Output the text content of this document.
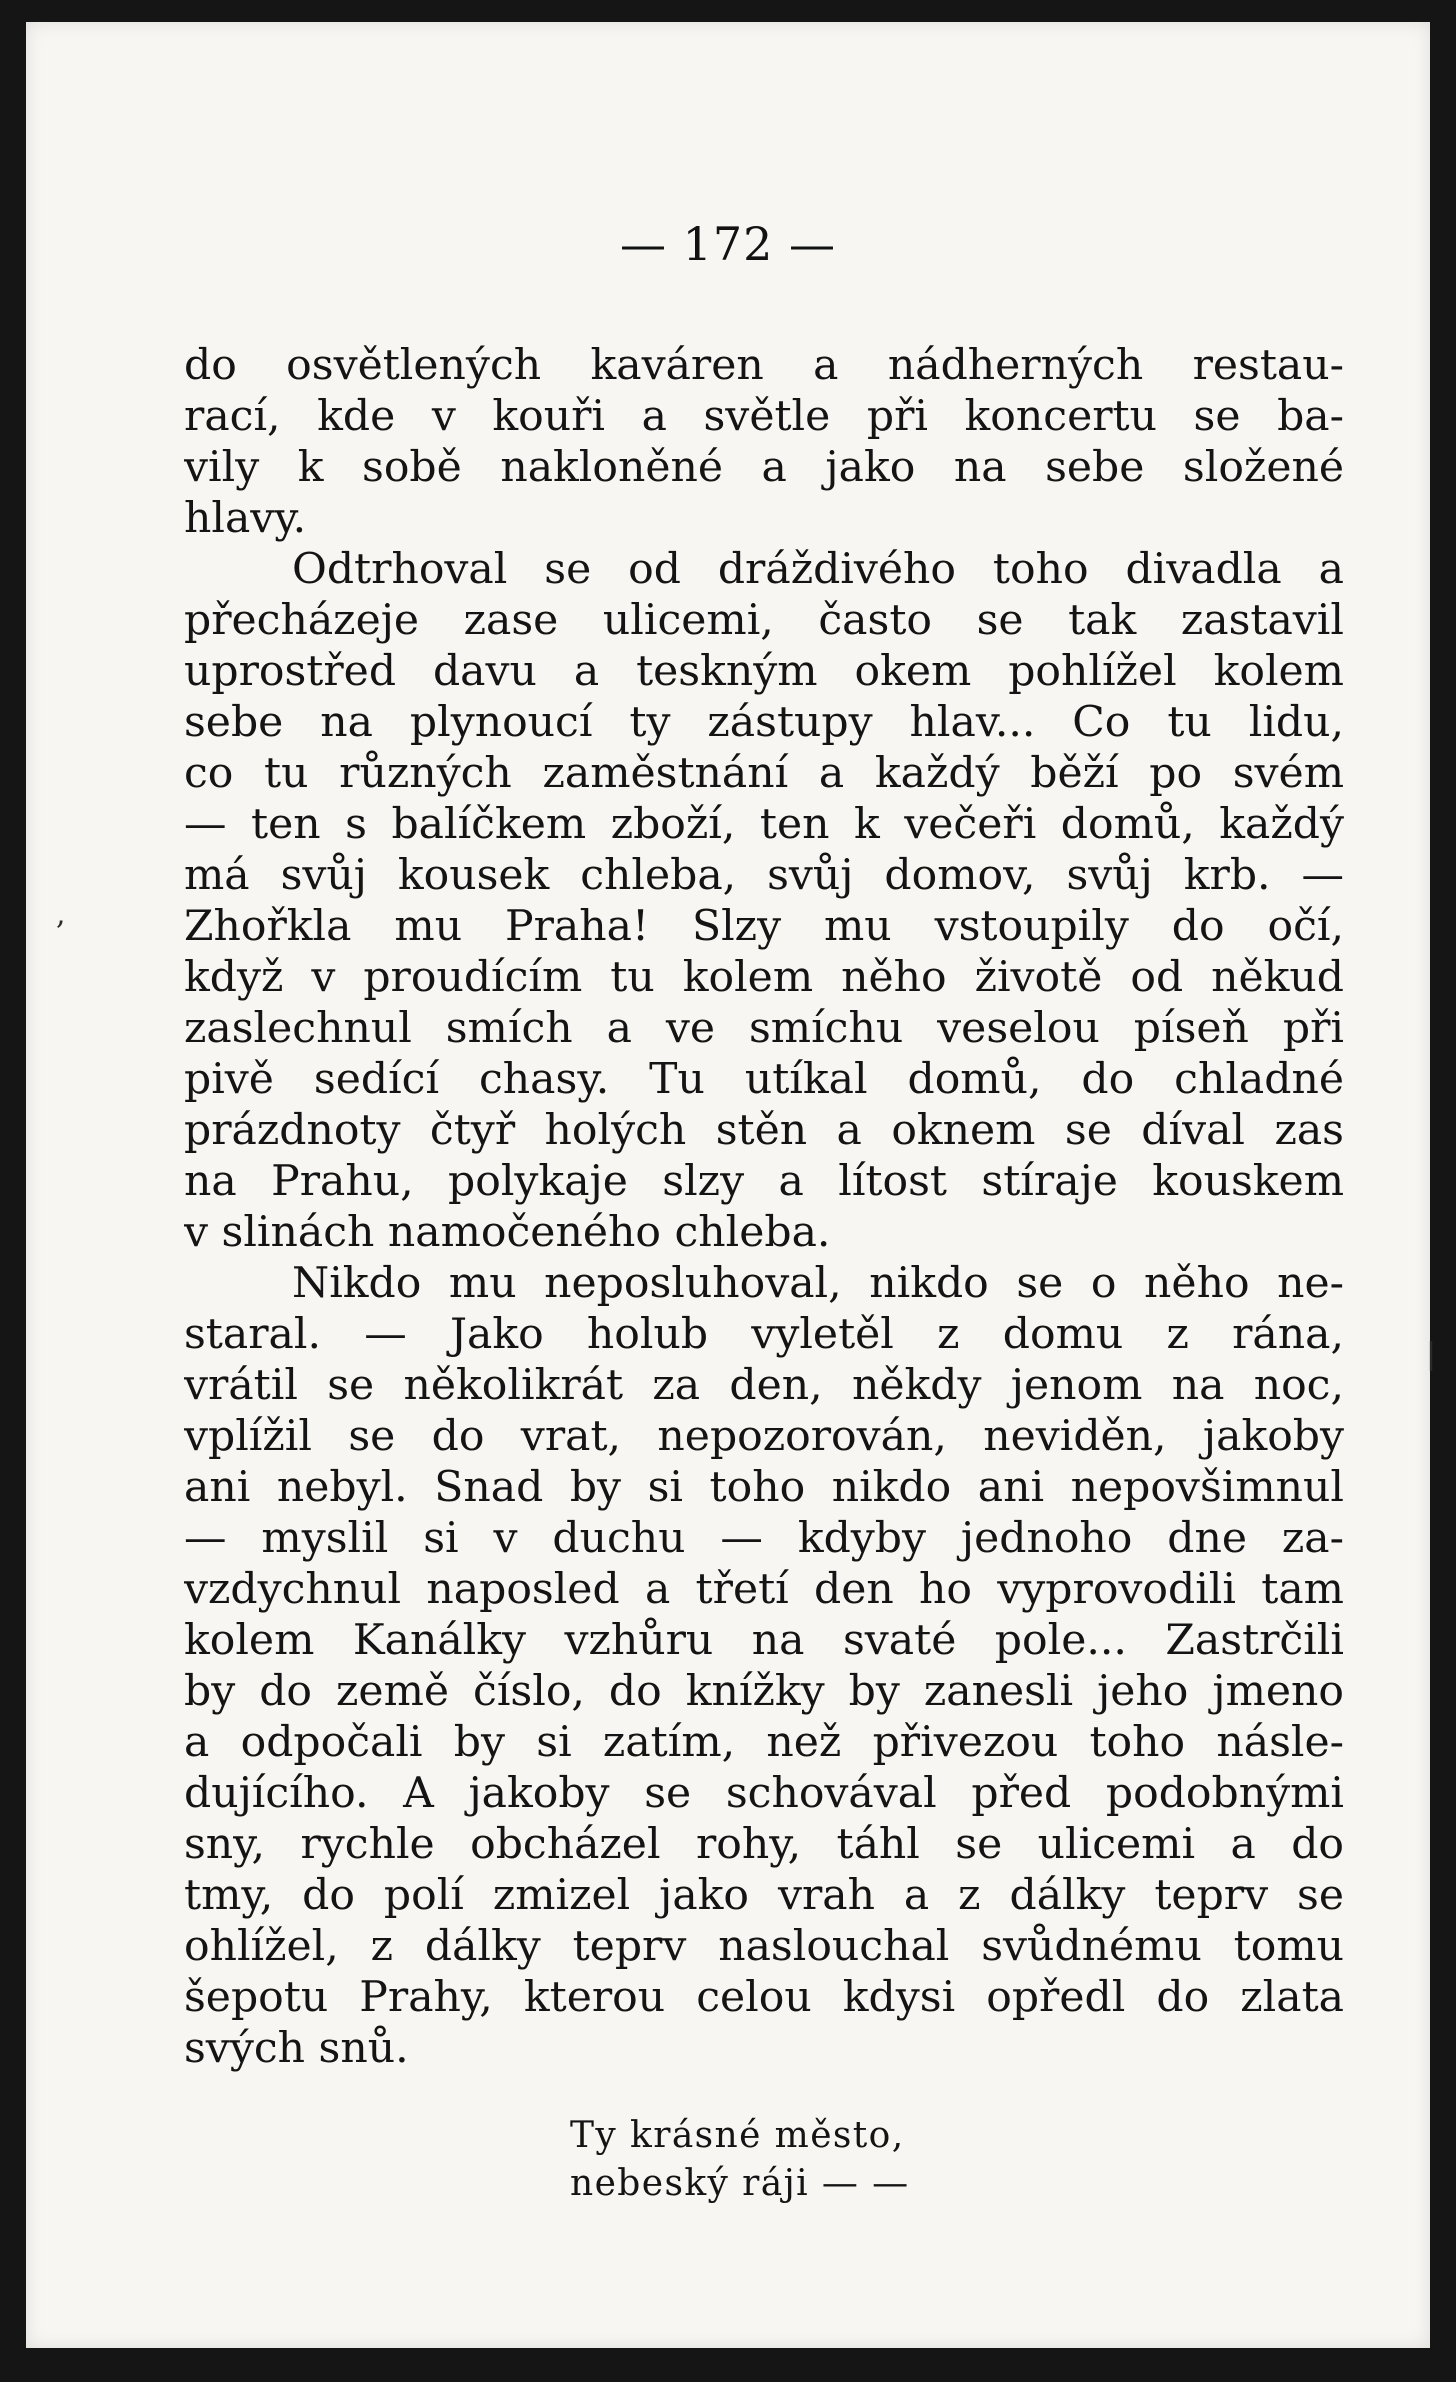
— 172 —
do osvětlených kaváren a nádherných restau-
rací, kde v kouři a světle při koncertu se ba-
vily k sobě nakloněné a jako na sebe složené
hlavy.
Odtrhoval se od dráždivého toho divadla a
přecházeje zase ulicemi, často se tak zastavil
uprostřed davu a teskným okem pohlížel kolem
sebe na plynoucí ty zástupy hlav... Co tu lidu,
co tu různých zaměstnání a každý běží po svém
— ten s balíčkem zboží, ten k večeři domů, každý
má svůj kousek chleba, svůj domov, svůj krb. —
Zhořkla mu Praha! Slzy mu vstoupily do očí,
když v proudícím tu kolem něho životě od někud
zaslechnul smích a ve smíchu veselou píseň při
pivě sedící chasy. Tu utíkal domů, do chladné
prázdnoty čtyř holých stěn a oknem se díval zas
na Prahu, polykaje slzy a lítost stíraje kouskem
v slinách namočeného chleba.
Nikdo mu neposluhoval, nikdo se o něho ne-
staral. — Jako holub vyletěl z domu z rána,
vrátil se několikrát za den, někdy jenom na noc,
vplížil se do vrat, nepozorován, neviděn, jakoby
ani nebyl. Snad by si toho nikdo ani nepovšimnul
— myslil si v duchu — kdyby jednoho dne za-
vzdychnul naposled a třetí den ho vyprovodili tam
kolem Kanálky vzhůru na svaté pole... Zastrčili
by do země číslo, do knížky by zanesli jeho jmeno
a odpočali by si zatím, než přivezou toho násle-
dujícího. A jakoby se schovával před podobnými
sny, rychle obcházel rohy, táhl se ulicemi a do
tmy, do polí zmizel jako vrah a z dálky teprv se
ohlížel, z dálky teprv naslouchal svůdnému tomu
šepotu Prahy, kterou celou kdysi opředl do zlata
svých snů.
Ty krásné město,
nebeský ráji — —
,
|
